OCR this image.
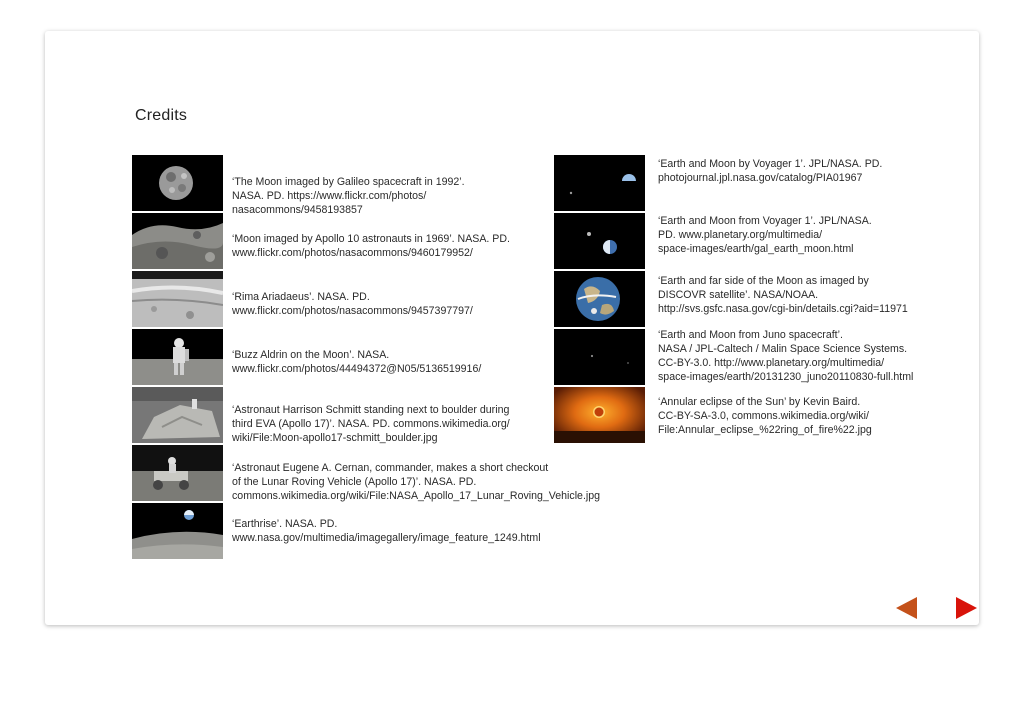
Credits
‘The Moon imaged by Galileo spacecraft in 1992’.
NASA. PD. https://www.flickr.com/photos/
nasacommons/9458193857
‘Moon imaged by Apollo 10 astronauts in 1969’. NASA. PD.
www.flickr.com/photos/nasacommons/9460179952/
‘Rima Ariadaeus’. NASA. PD.
www.flickr.com/photos/nasacommons/9457397797/
‘Buzz Aldrin on the Moon’. NASA.
www.flickr.com/photos/44494372@N05/5136519916/
‘Astronaut Harrison Schmitt standing next to boulder during
third EVA (Apollo 17)’. NASA. PD. commons.wikimedia.org/
wiki/File:Moon-apollo17-schmitt_boulder.jpg
‘Astronaut Eugene A. Cernan, commander, makes a short checkout
of the Lunar Roving Vehicle (Apollo 17)’. NASA. PD.
commons.wikimedia.org/wiki/File:NASA_Apollo_17_Lunar_Roving_Vehicle.jpg
‘Earthrise’. NASA. PD.
www.nasa.gov/multimedia/imagegallery/image_feature_1249.html
‘Earth and Moon by Voyager 1’. JPL/NASA. PD.
photojournal.jpl.nasa.gov/catalog/PIA01967
‘Earth and Moon from Voyager 1’. JPL/NASA.
PD. www.planetary.org/multimedia/
space-images/earth/gal_earth_moon.html
‘Earth and far side of the Moon as imaged by
DISCOVR satellite’. NASA/NOAA.
http://svs.gsfc.nasa.gov/cgi-bin/details.cgi?aid=11971
‘Earth and Moon from Juno spacecraft’.
NASA / JPL-Caltech / Malin Space Science Systems.
CC-BY-3.0. http://www.planetary.org/multimedia/
space-images/earth/20131230_juno20110830-full.html
‘Annular eclipse of the Sun’ by Kevin Baird.
CC-BY-SA-3.0, commons.wikimedia.org/wiki/
File:Annular_eclipse_%22ring_of_fire%22.jpg
